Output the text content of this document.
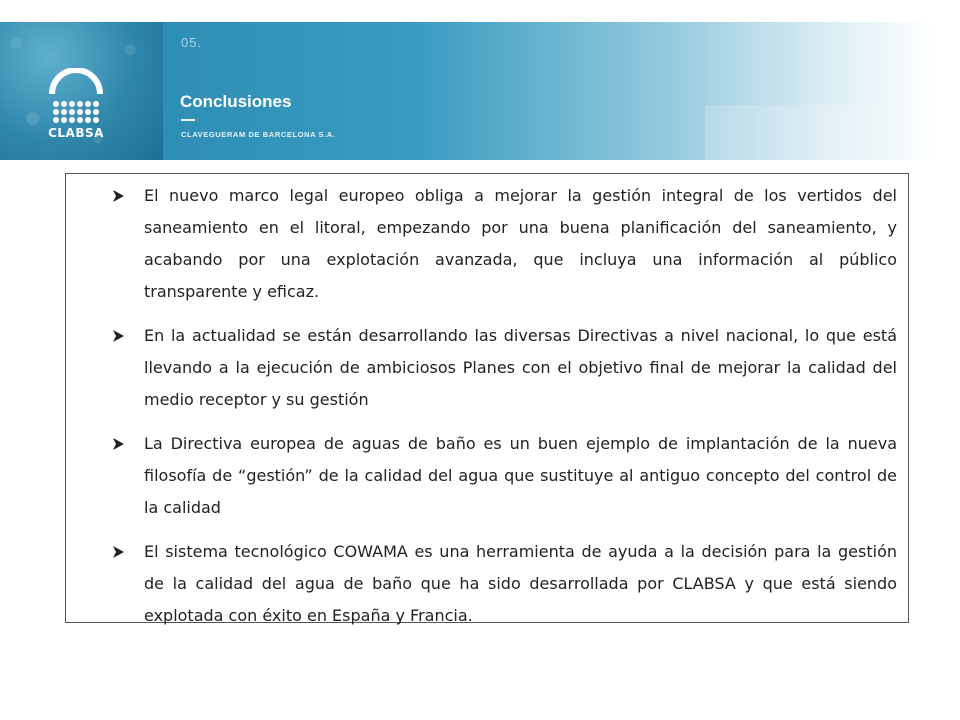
CLABSA
05.
Conclusiones
CLAVEGUERAM DE BARCELONA S.A.
El nuevo marco legal europeo obliga a mejorar la gestión integral de los vertidos del saneamiento en el litoral, empezando por una buena planificación del saneamiento, y acabando por una explotación avanzada, que incluya una información al público transparente y eficaz.
En la actualidad se están desarrollando las diversas Directivas a nivel nacional, lo que está llevando a la ejecución de ambiciosos Planes con el objetivo final de mejorar la calidad del medio receptor y su gestión
La Directiva europea de aguas de baño es un buen ejemplo de implantación de la nueva filosofía de “gestión” de la calidad del agua que sustituye al antiguo concepto del control de la calidad
El sistema tecnológico COWAMA es una herramienta de ayuda a la decisión para la gestión de la calidad del agua de baño que ha sido desarrollada por CLABSA y que está siendo explotada con éxito en España y Francia.
